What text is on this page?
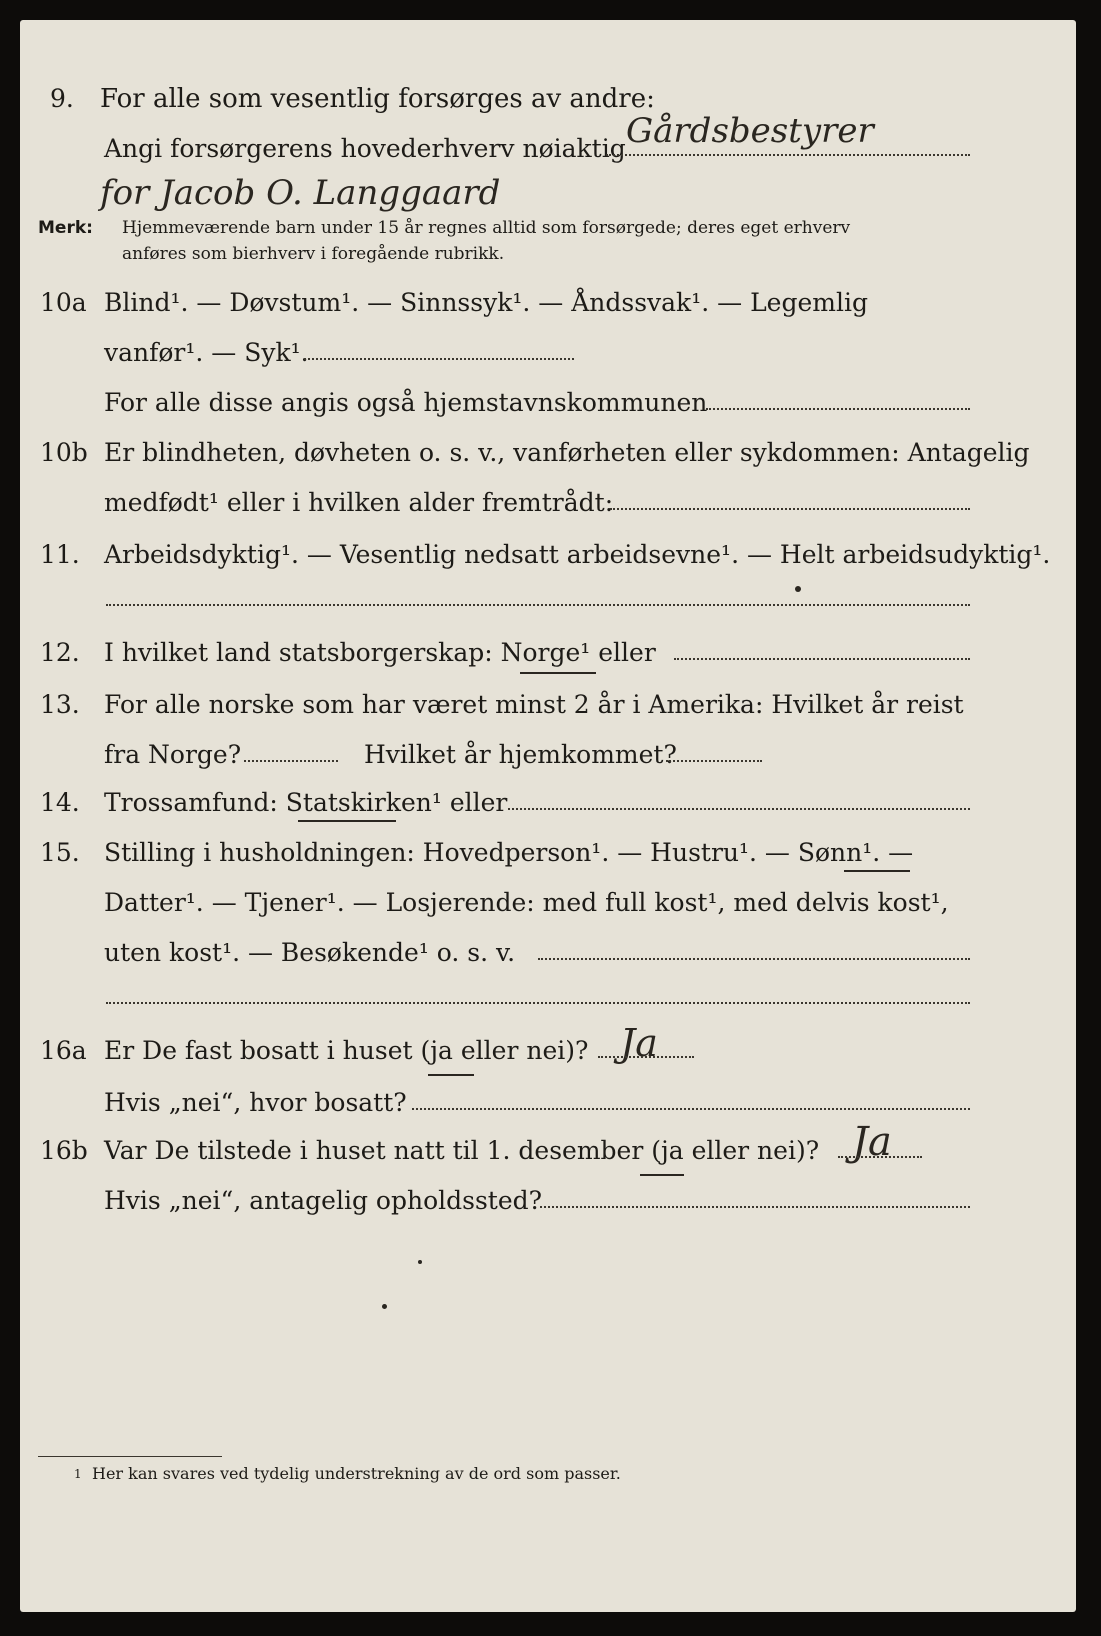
9. For alle som vesentlig forsørges av andre:
Angi forsørgerens hovederhverv nøiaktig Gårdsbestyrer
for Jacob O. Langgaard
Merk: Hjemmeværende barn under 15 år regnes alltid som forsørgede; deres eget erhverv
anføres som bierhverv i foregående rubrikk.
10a Blind¹. — Døvstum¹. — Sinnssyk¹. — Åndssvak¹. — Legemlig
vanfør¹. — Syk¹.
For alle disse angis også hjemstavnskommunen
10b Er blindheten, døvheten o. s. v., vanførheten eller sykdommen: Antagelig
medfødt¹ eller i hvilken alder fremtrådt:
11. Arbeidsdyktig¹. — Vesentlig nedsatt arbeidsevne¹. — Helt arbeidsudyktig¹.
12. I hvilket land statsborgerskap: Norge¹ eller
13. For alle norske som har været minst 2 år i Amerika: Hvilket år reist
fra Norge?	Hvilket år hjemkommet?
14. Trossamfund: Statskirken¹ eller
15. Stilling i husholdningen: Hovedperson¹. — Hustru¹. — Sønn¹. —
Datter¹. — Tjener¹. — Losjerende: med full kost¹, med delvis kost¹,
uten kost¹. — Besøkende¹ o. s. v.
16a Er De fast bosatt i huset (ja eller nei)? Ja
Hvis „nei“, hvor bosatt?
16b Var De tilstede i huset natt til 1. desember (ja eller nei)? Ja
Hvis „nei“, antagelig opholdssted?
1 Her kan svares ved tydelig understrekning av de ord som passer.
